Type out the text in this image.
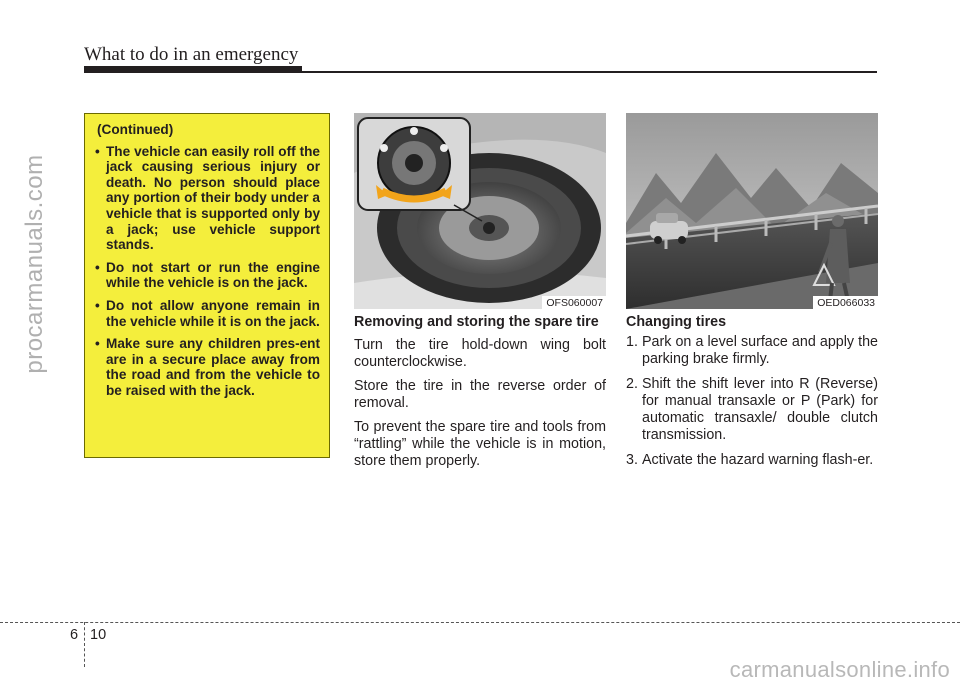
What to do in an emergency
procarmanuals.com
(Continued)
• The vehicle can easily roll off the jack causing serious injury or death. No person should place any portion of their body under a vehicle that is supported only by a jack; use vehicle support stands.
• Do not start or run the engine while the vehicle is on the jack.
• Do not allow anyone remain in the vehicle while it is on the jack.
• Make sure any children pres-ent are in a secure place away from the road and from the vehicle to be raised with the jack.
OFS060007	OED066033
Removing and storing the spare tire

Turn the tire hold-down wing bolt counterclockwise.

Store the tire in the reverse order of removal.

To prevent the spare tire and tools from “rattling” while the vehicle is in motion, store them properly.

Changing tires
1. Park on a level surface and apply the parking brake firmly.
2. Shift the shift lever into R (Reverse) for manual transaxle or P (Park) for automatic transaxle/ double clutch transmission.
3. Activate the hazard warning flash-er.
6 10
carmanualsonline.info
